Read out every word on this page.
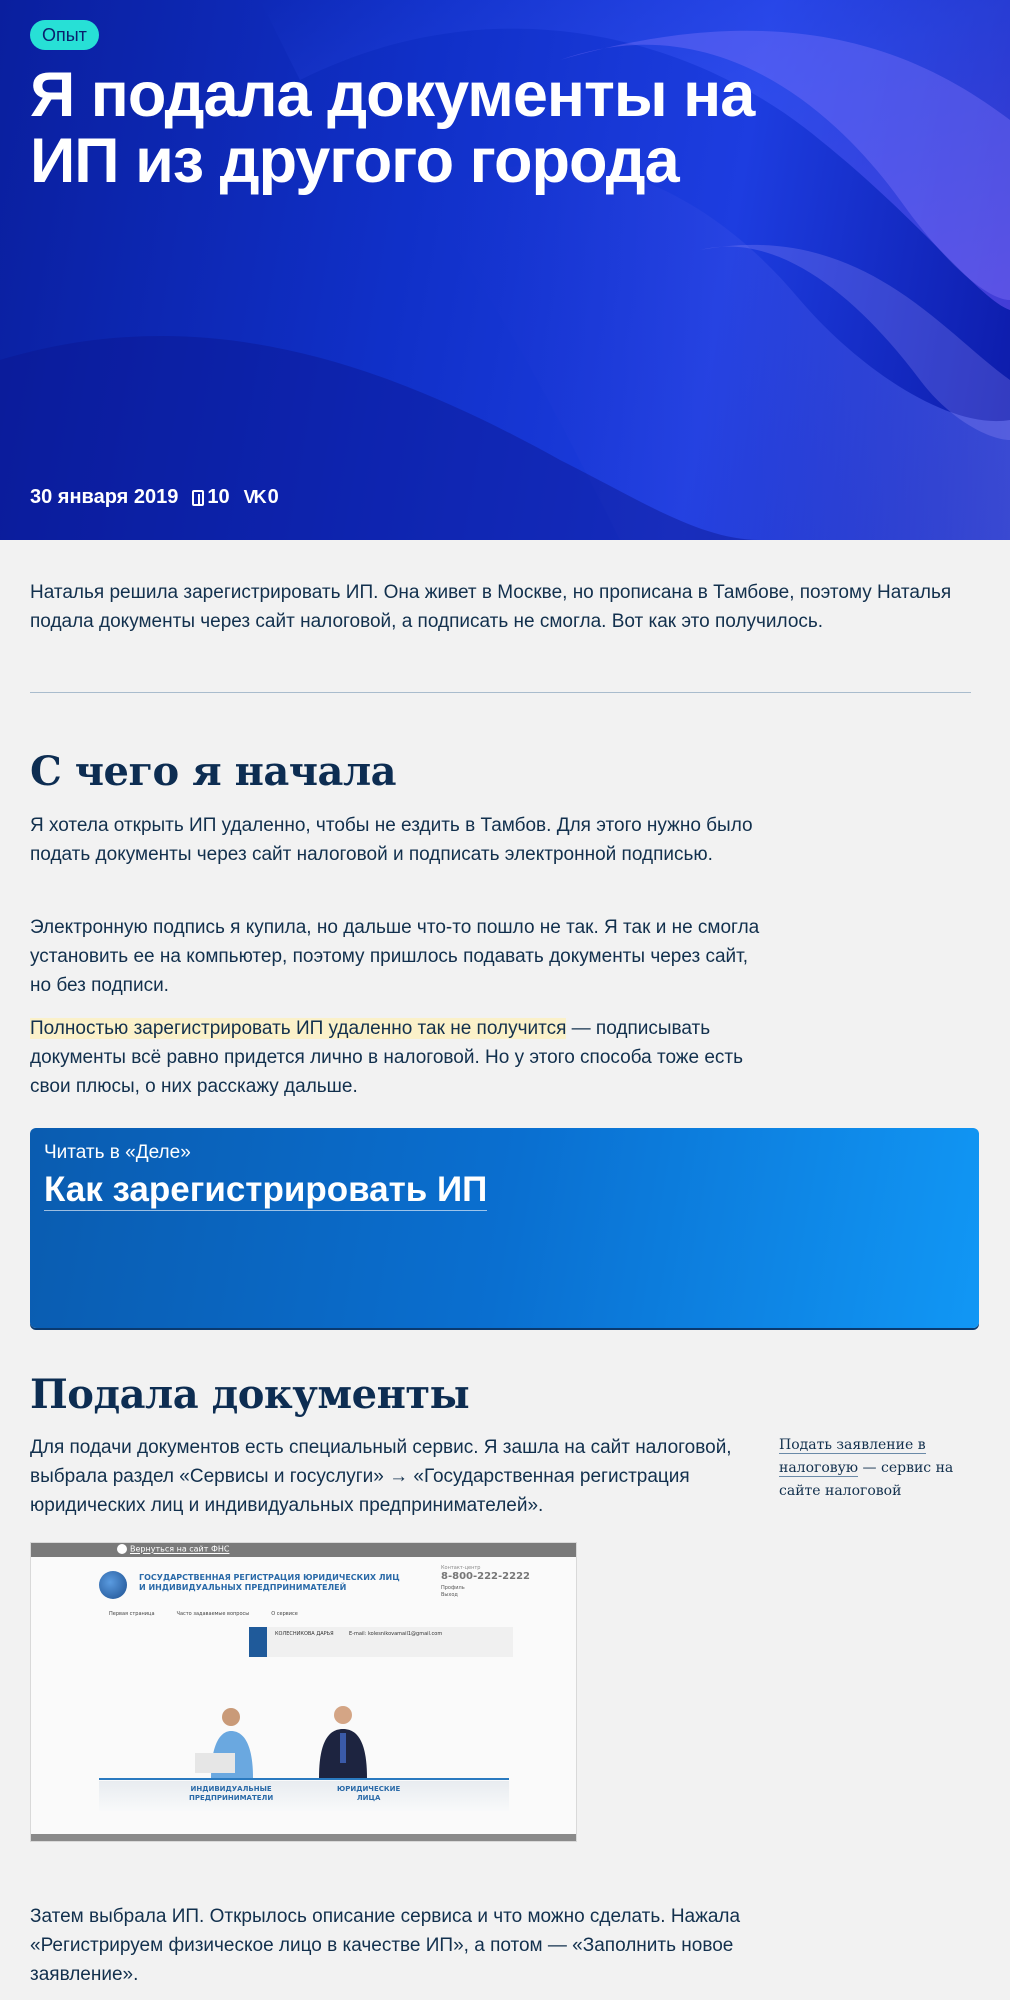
Опыт
Я подала документы на ИП из другого города
30 января 2019 10 VK 0

Наталья решила зарегистрировать ИП. Она живет в Москве, но прописана в Тамбове, поэтому Наталья подала документы через сайт налоговой, а подписать не смогла. Вот как это получилось.

С чего я начала

Я хотела открыть ИП удаленно, чтобы не ездить в Тамбов. Для этого нужно было подать документы через сайт налоговой и подписать электронной подписью.

Электронную подпись я купила, но дальше что-то пошло не так. Я так и не смогла установить ее на компьютер, поэтому пришлось подавать документы через сайт, но без подписи.

Полностью зарегистрировать ИП удаленно так не получится — подписывать документы всё равно придется лично в налоговой. Но у этого способа тоже есть свои плюсы, о них расскажу дальше.

Читать в «Деле»
Как зарегистрировать ИП
Подала документы

Для подачи документов есть специальный сервис. Я зашла на сайт налоговой, выбрала раздел «Сервисы и госуслуги» → «Государственная регистрация юридических лиц и индивидуальных предпринимателей».

Подать заявление в налоговую — сервис на сайте налоговой
Вернуться на сайт ФНС
ГОСУДАРСТВЕННАЯ РЕГИСТРАЦИЯ ЮРИДИЧЕСКИХ ЛИЦ
И ИНДИВИДУАЛЬНЫХ ПРЕДПРИНИМАТЕЛЕЙ
Контакт-центр
8-800-222-2222
Профиль
Выход
Первая страница	Часто задаваемые вопросы	О сервисе
КОЛЕСНИКОВА ДАРЬЯ	E-mail: kolesnikovamail1@gmail.com
ИНДИВИДУАЛЬНЫЕ
ПРЕДПРИНИМАТЕЛИ
ЮРИДИЧЕСКИЕ
ЛИЦА

Затем выбрала ИП. Открылось описание сервиса и что можно сделать. Нажала «Регистрируем физическое лицо в качестве ИП», а потом — «Заполнить новое заявление».
